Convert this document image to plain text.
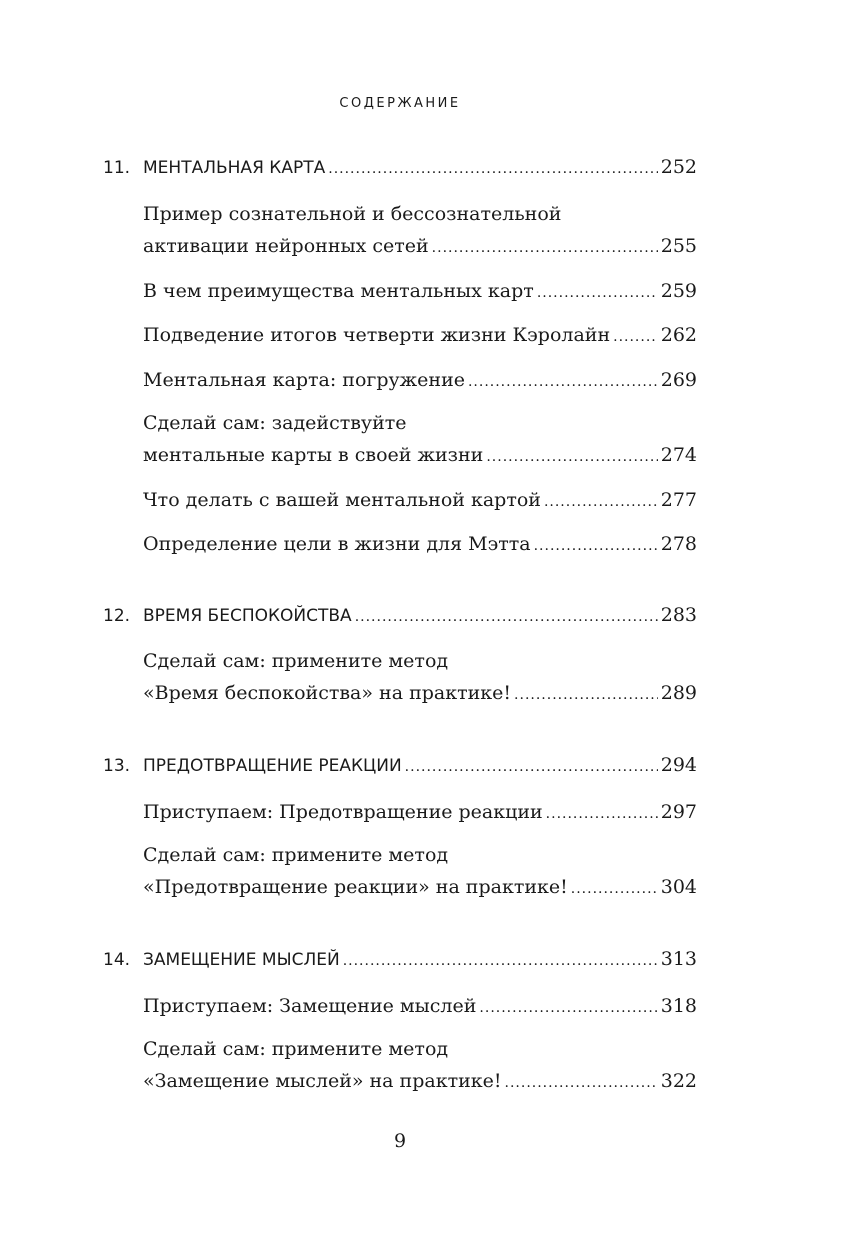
СОДЕРЖАНИЕ
11. МЕНТАЛЬНАЯ КАРТА .....	252
Пример сознательной и бессознательной
активации нейронных сетей .....	255
В чем преимущества ментальных карт .....	259
Подведение итогов четверти жизни Кэролайн .....	262
Ментальная карта: погружение .....	269
Сделай сам: задействуйте
ментальные карты в своей жизни .....	274
Что делать с вашей ментальной картой .....	277
Определение цели в жизни для Мэтта .....	278
12. ВРЕМЯ БЕСПОКОЙСТВА .....	283
Сделай сам: примените метод
«Время беспокойства» на практике! .....	289
13. ПРЕДОТВРАЩЕНИЕ РЕАКЦИИ .....	294
Приступаем: Предотвращение реакции .....	297
Сделай сам: примените метод
«Предотвращение реакции» на практике! .....	304
14. ЗАМЕЩЕНИЕ МЫСЛЕЙ .....	313
Приступаем: Замещение мыслей .....	318
Сделай сам: примените метод
«Замещение мыслей» на практике! .....	322
9
